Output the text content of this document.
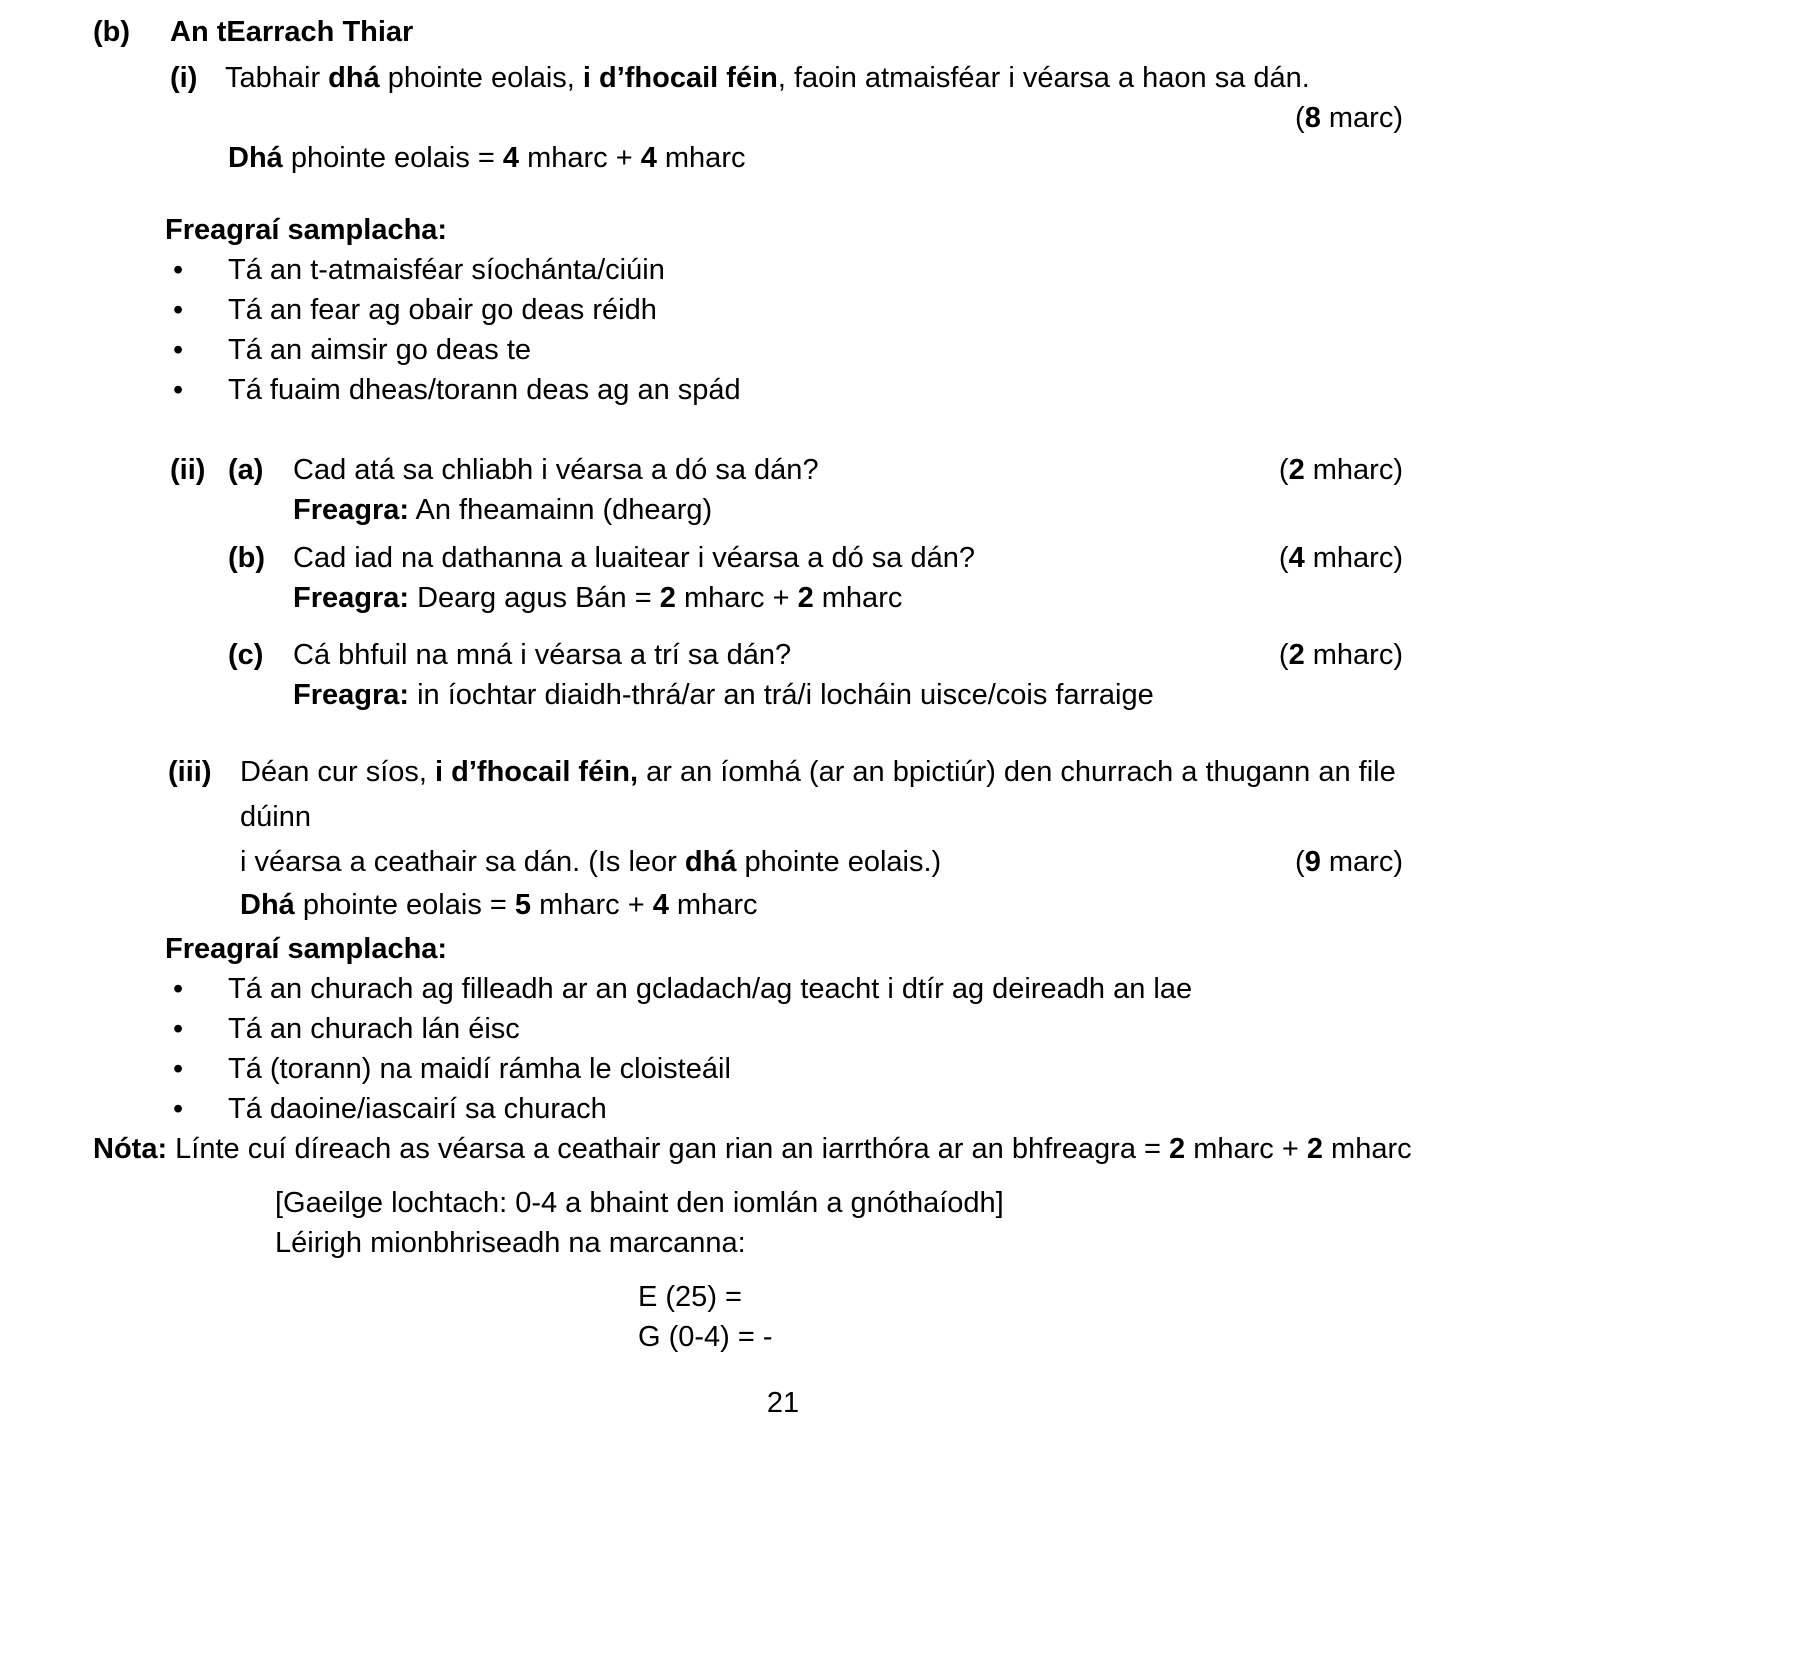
(b)	An tEarrach Thiar
(i) Tabhair dhá phointe eolais, i d’fhocail féin, faoin atmaisféar i véarsa a haon sa dán.
(8 marc)

Dhá phointe eolais = 4 mharc + 4 mharc

Freagraí samplacha:

•	Tá an t-atmaisféar síochánta/ciúin
•	Tá an fear ag obair go deas réidh
•	Tá an aimsir go deas te
•	Tá fuaim dheas/torann deas ag an spád
(ii) (a)	Cad atá sa chliabh i véarsa a dó sa dán?	(2 mharc)

Freagra: An fheamainn (dhearg)

(b) Cad iad na dathanna a luaitear i véarsa a dó sa dán?	(4 mharc)

Freagra: Dearg agus Bán = 2 mharc + 2 mharc

(c)	Cá bhfuil na mná i véarsa a trí sa dán?	(2 mharc)

Freagra: in íochtar diaidh-thrá/ar an trá/i locháin uisce/cois farraige

(iii) Déan cur síos, i d’fhocail féin, ar an íomhá (ar an bpictiúr) den churrach a thugann an file dúinn
i véarsa a ceathair sa dán. (Is leor dhá phointe eolais.)	(9 marc)

Dhá phointe eolais = 5 mharc + 4 mharc

Freagraí samplacha:

•	Tá an churach ag filleadh ar an gcladach/ag teacht i dtír ag deireadh an lae
•	Tá an churach lán éisc
•	Tá (torann) na maidí rámha le cloisteáil
•	Tá daoine/iascairí sa churach

Nóta: Línte cuí díreach as véarsa a ceathair gan rian an iarrthóra ar an bhfreagra = 2 mharc + 2 mharc

[Gaeilge lochtach: 0-4 a bhaint den iomlán a gnóthaíodh]

Léirigh mionbhriseadh na marcanna:

E (25) =

G (0-4) = -

21
